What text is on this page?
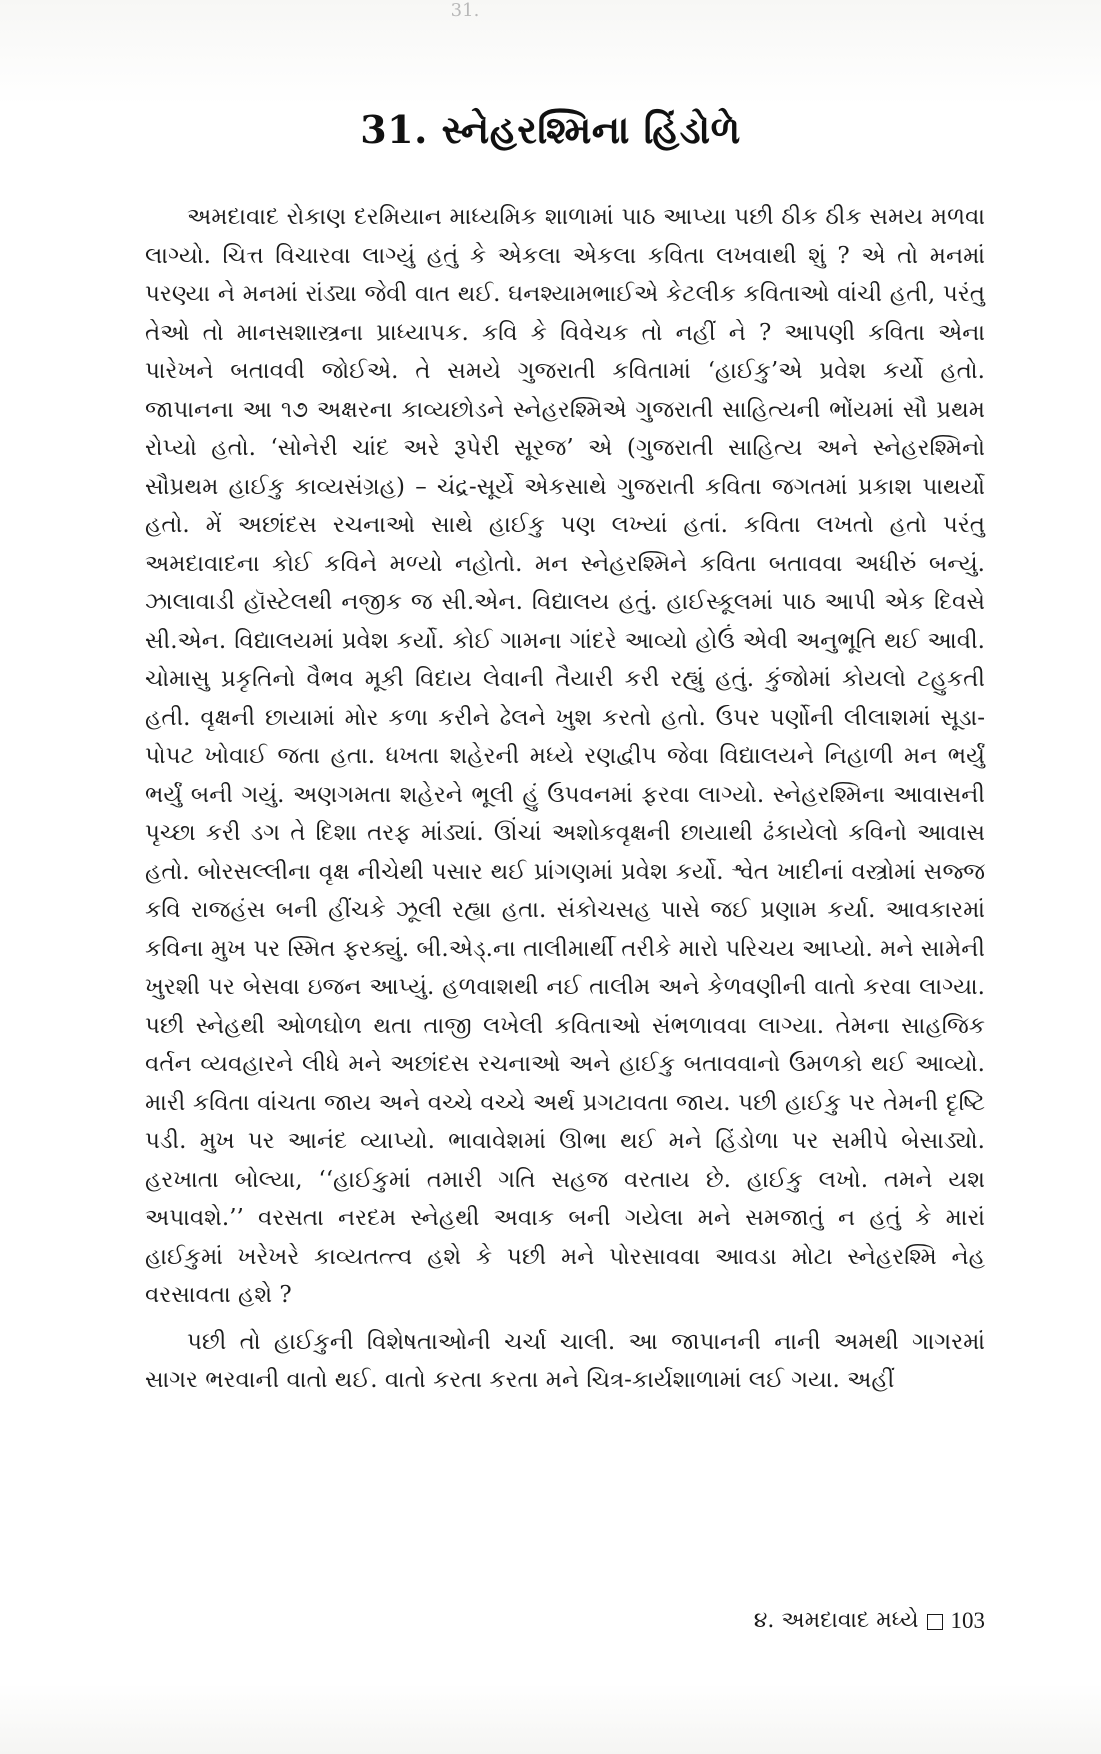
31.
31. સ્નેહરશ્મિના હિંડોળે

અમદાવાદ રોકાણ દરમિયાન માધ્યમિક શાળામાં પાઠ આપ્યા પછી ઠીક ઠીક સમય મળવા લાગ્યો. ચિત્ત વિચારવા લાગ્યું હતું કે એકલા એકલા કવિતા લખવાથી શું ? એ તો મનમાં પરણ્યા ને મનમાં રાંડ્યા જેવી વાત થઈ. ઘનશ્યામભાઈએ કેટલીક કવિતાઓ વાંચી હતી, પરંતુ તેઓ તો માનસશાસ્ત્રના પ્રાધ્યાપક. કવિ કે વિવેચક તો નહીં ને ? આપણી કવિતા એના પારેખને બતાવવી જોઈએ. તે સમયે ગુજરાતી કવિતામાં ‘હાઈકુ’એ પ્રવેશ કર્યો હતો. જાપાનના આ ૧૭ અક્ષરના કાવ્યછોડને સ્નેહરશ્મિએ ગુજરાતી સાહિત્યની ભોંયમાં સૌ પ્રથમ રોપ્યો હતો. ‘સોનેરી ચાંદ અરે રૂપેરી સૂરજ’ એ (ગુજરાતી સાહિત્ય અને સ્નેહરશ્મિનો સૌપ્રથમ હાઈકુ કાવ્યસંગ્રહ) – ચંદ્ર-સૂર્યે એકસાથે ગુજરાતી કવિતા જગતમાં પ્રકાશ પાથર્યો હતો. મેં અછાંદસ રચનાઓ સાથે હાઈકુ પણ લખ્યાં હતાં. કવિતા લખતો હતો પરંતુ અમદાવાદના કોઈ કવિને મળ્યો નહોતો. મન સ્નેહરશ્મિને કવિતા બતાવવા અધીરું બન્યું. ઝાલાવાડી હૉસ્ટેલથી નજીક જ સી.એન. વિદ્યાલય હતું. હાઈસ્કૂલમાં પાઠ આપી એક દિવસે સી.એન. વિદ્યાલયમાં પ્રવેશ કર્યો. કોઈ ગામના ગાંદરે આવ્યો હોઉં એવી અનુભૂતિ થઈ આવી. ચોમાસુ પ્રકૃતિનો વૈભવ મૂકી વિદાય લેવાની તૈયારી કરી રહ્યું હતું. કુંજોમાં કોયલો ટહુકતી હતી. વૃક્ષની છાયામાં મોર કળા કરીને ઢેલને ખુશ કરતો હતો. ઉપર પર્ણોની લીલાશમાં સૂડા-પોપટ ખોવાઈ જતા હતા. ધખતા શહેરની મધ્યે રણદ્વીપ જેવા વિદ્યાલયને નિહાળી મન ભર્યું ભર્યું બની ગયું. અણગમતા શહેરને ભૂલી હું ઉપવનમાં ફરવા લાગ્યો. સ્નેહરશ્મિના આવાસની પૃચ્છા કરી ડગ તે દિશા તરફ માંડ્યાં. ઊંચાં અશોકવૃક્ષની છાયાથી ઢંકાયેલો કવિનો આવાસ હતો. બોરસલ્લીના વૃક્ષ નીચેથી પસાર થઈ પ્રાંગણમાં પ્રવેશ કર્યો. શ્વેત ખાદીનાં વસ્ત્રોમાં સજ્જ કવિ રાજહંસ બની હીંચકે ઝૂલી રહ્યા હતા. સંકોચસહ પાસે જઈ પ્રણામ કર્યા. આવકારમાં કવિના મુખ પર સ્મિત ફરક્યું. બી.એડ્.ના તાલીમાર્થી તરીકે મારો પરિચય આપ્યો. મને સામેની ખુરશી પર બેસવા ઇજન આપ્યું. હળવાશથી નઈ તાલીમ અને કેળવણીની વાતો કરવા લાગ્યા. પછી સ્નેહથી ઓળઘોળ થતા તાજી લખેલી કવિતાઓ સંભળાવવા લાગ્યા. તેમના સાહજિક વર્તન વ્યવહારને લીધે મને અછાંદસ રચનાઓ અને હાઈકુ બતાવવાનો ઉમળકો થઈ આવ્યો. મારી કવિતા વાંચતા જાય અને વચ્ચે વચ્ચે અર્થ પ્રગટાવતા જાય. પછી હાઈકુ પર તેમની દૃષ્ટિ પડી. મુખ પર આનંદ વ્યાપ્યો. ભાવાવેશમાં ઊભા થઈ મને હિંડોળા પર સમીપે બેસાડ્યો. હરખાતા બોલ્યા, ‘‘હાઈકુમાં તમારી ગતિ સહજ વરતાય છે. હાઈકુ લખો. તમને યશ અપાવશે.’’ વરસતા નરદમ સ્નેહથી અવાક બની ગયેલા મને સમજાતું ન હતું કે મારાં હાઈકુમાં ખરેખરે કાવ્યતત્ત્વ હશે કે પછી મને પોરસાવવા આવડા મોટા સ્નેહરશ્મિ નેહ વરસાવતા હશે ?

પછી તો હાઈકુની વિશેષતાઓની ચર્ચા ચાલી. આ જાપાનની નાની અમથી ગાગરમાં સાગર ભરવાની વાતો થઈ. વાતો કરતા કરતા મને ચિત્ર-કાર્યશાળામાં લઈ ગયા. અહીં

૪. અમદાવાદ મધ્યે 103
